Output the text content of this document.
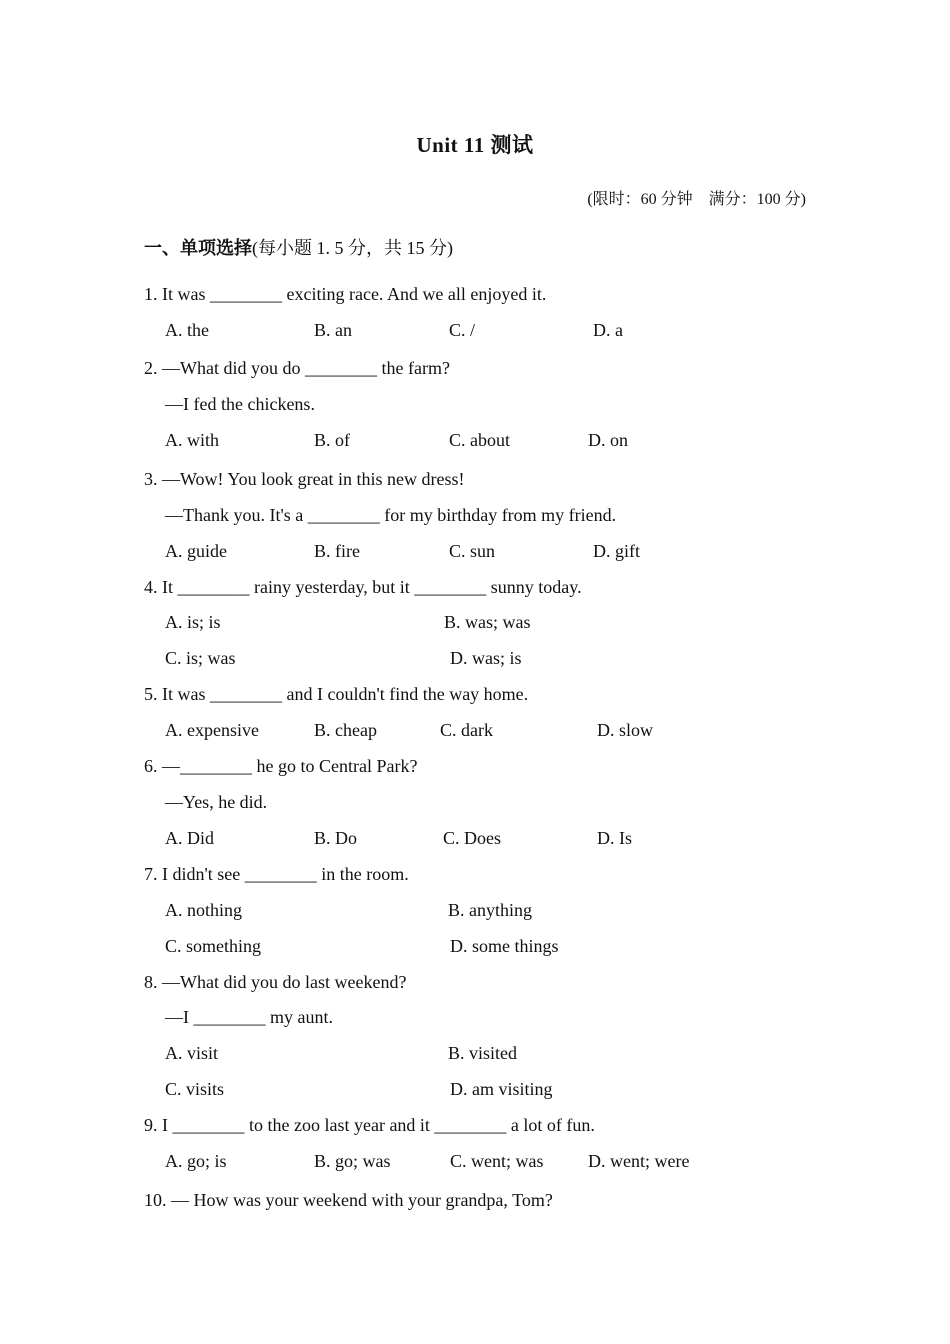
Unit 11 测试
(限时：60 分钟 满分：100 分)
一、单项选择(每小题 1. 5 分，共 15 分)
1. It was ________ exciting race. And we all enjoyed it.
A. the	B. an	C. /	D. a
2. —What did you do ________ the farm?
—I fed the chickens.
A. with	B. of	C. about	D. on
3. —Wow! You look great in this new dress!
—Thank you. It's a ________ for my birthday from my friend.
A. guide	B. fire	C. sun	D. gift
4. It ________ rainy yesterday, but it ________ sunny today.
A. is; is	B. was; was
C. is; was	D. was; is
5. It was ________ and I couldn't find the way home.
A. expensive	B. cheap	C. dark	D. slow
6. —________ he go to Central Park?
—Yes, he did.
A. Did	B. Do	C. Does	D. Is
7. I didn't see ________ in the room.
A. nothing	B. anything
C. something	D. some things
8. —What did you do last weekend?
—I ________ my aunt.
A. visit	B. visited
C. visits	D. am visiting
9. I ________ to the zoo last year and it ________ a lot of fun.
A. go; is	B. go; was	C. went; was D. went; were
10. — How was your weekend with your grandpa, Tom?
